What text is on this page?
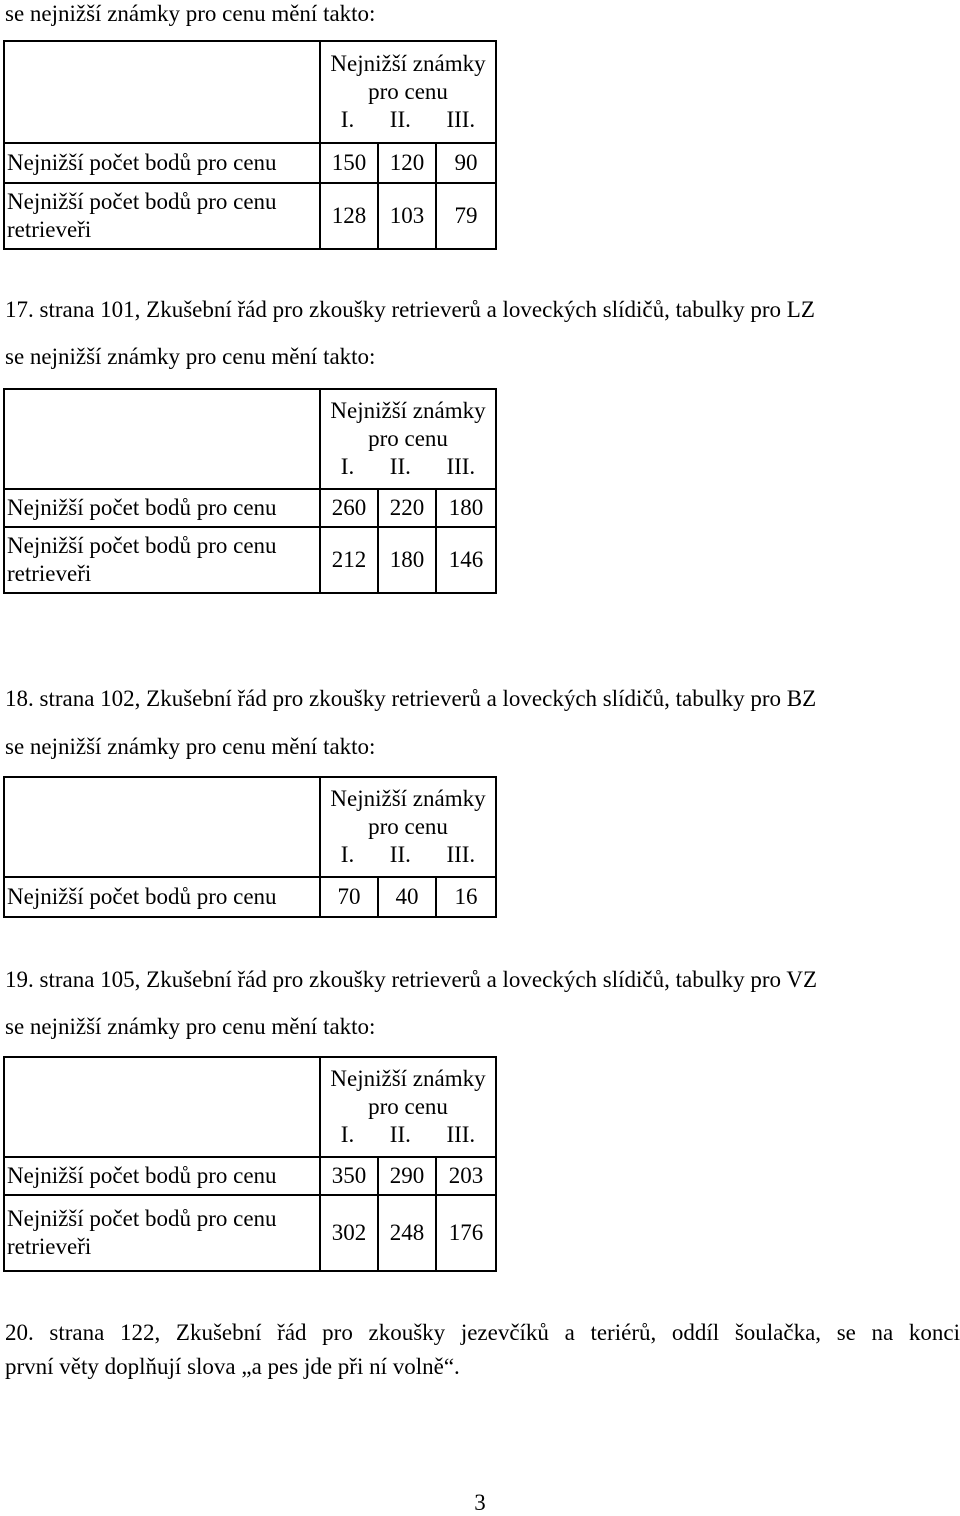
se nejnižší známky pro cenu mění takto:

	Nejnižší známky
pro cenu
I. II. III.		

Nejnižší počet bodů pro cenu	150	120	90

Nejnižší počet bodů pro cenu
retrieveři	128	103	79
17. strana 101, Zkušební řád pro zkoušky retrieverů a loveckých slídičů, tabulky pro LZ
se nejnižší známky pro cenu mění takto:

	Nejnižší známky
pro cenu
I. II. III.		

Nejnižší počet bodů pro cenu	260	220	180

Nejnižší počet bodů pro cenu
retrieveři	212	180	146
18. strana 102, Zkušební řád pro zkoušky retrieverů a loveckých slídičů, tabulky pro BZ
se nejnižší známky pro cenu mění takto:

	Nejnižší známky
pro cenu
I. II. III.		

Nejnižší počet bodů pro cenu	70	40	16
19. strana 105, Zkušební řád pro zkoušky retrieverů a loveckých slídičů, tabulky pro VZ
se nejnižší známky pro cenu mění takto:

	Nejnižší známky
pro cenu
I. II. III.		

Nejnižší počet bodů pro cenu	350	290	203

Nejnižší počet bodů pro cenu
retrieveři	302	248	176
20. strana 122, Zkušební řád pro zkoušky jezevčíků a teriérů, oddíl šoulačka, se na konci
první věty doplňují slova „a pes jde při ní volně“.
3
